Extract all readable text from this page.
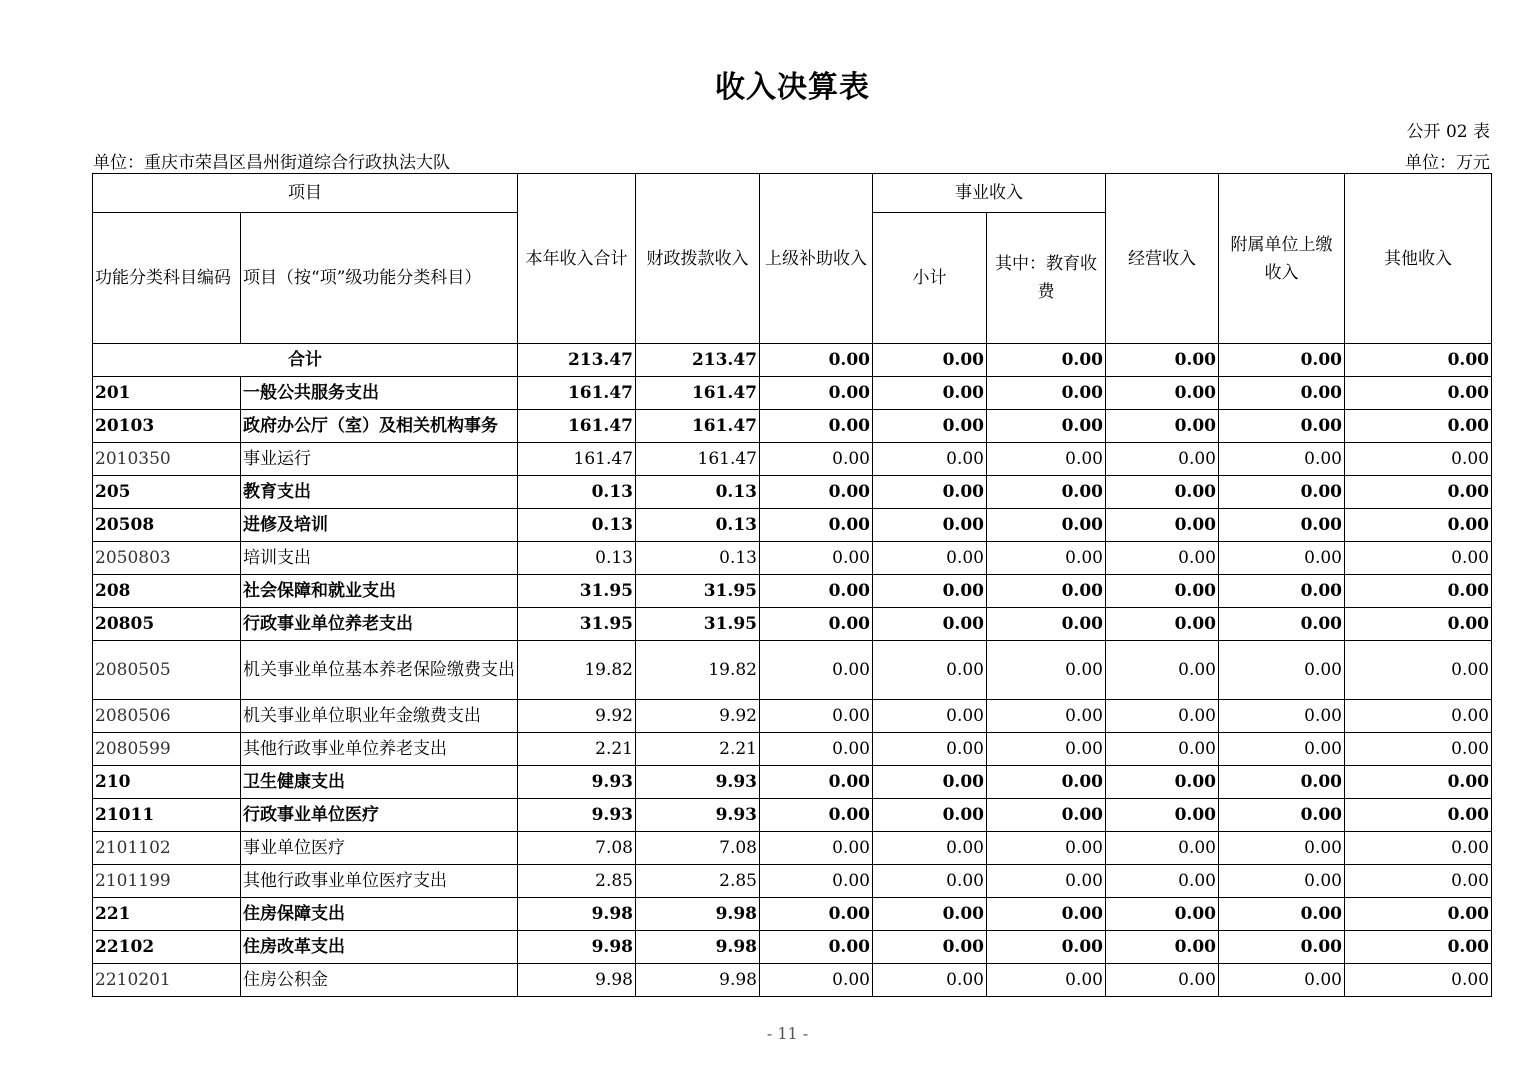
收入决算表
公开 02 表
单位：重庆市荣昌区昌州街道综合行政执法大队	单位：万元
项目		本年收入合计	财政拨款收入	上级补助收入	事业收入		经营收入	附属单位上缴收入	其他收入
功能分类科目编码	项目（按“项”级功能分类科目）				小计	其中：教育收费			
合计		213.47	213.47	0.00	0.00	0.00	0.00	0.00	0.00
201	一般公共服务支出	161.47	161.47	0.00	0.00	0.00	0.00	0.00	0.00
20103	政府办公厅（室）及相关机构事务	161.47	161.47	0.00	0.00	0.00	0.00	0.00	0.00
2010350	事业运行	161.47	161.47	0.00	0.00	0.00	0.00	0.00	0.00
205	教育支出	0.13	0.13	0.00	0.00	0.00	0.00	0.00	0.00
20508	进修及培训	0.13	0.13	0.00	0.00	0.00	0.00	0.00	0.00
2050803	培训支出	0.13	0.13	0.00	0.00	0.00	0.00	0.00	0.00
208	社会保障和就业支出	31.95	31.95	0.00	0.00	0.00	0.00	0.00	0.00
20805	行政事业单位养老支出	31.95	31.95	0.00	0.00	0.00	0.00	0.00	0.00
2080505	机关事业单位基本养老保险缴费支出	19.82	19.82	0.00	0.00	0.00	0.00	0.00	0.00
2080506	机关事业单位职业年金缴费支出	9.92	9.92	0.00	0.00	0.00	0.00	0.00	0.00
2080599	其他行政事业单位养老支出	2.21	2.21	0.00	0.00	0.00	0.00	0.00	0.00
210	卫生健康支出	9.93	9.93	0.00	0.00	0.00	0.00	0.00	0.00
21011	行政事业单位医疗	9.93	9.93	0.00	0.00	0.00	0.00	0.00	0.00
2101102	事业单位医疗	7.08	7.08	0.00	0.00	0.00	0.00	0.00	0.00
2101199	其他行政事业单位医疗支出	2.85	2.85	0.00	0.00	0.00	0.00	0.00	0.00
221	住房保障支出	9.98	9.98	0.00	0.00	0.00	0.00	0.00	0.00
22102	住房改革支出	9.98	9.98	0.00	0.00	0.00	0.00	0.00	0.00
2210201	住房公积金	9.98	9.98	0.00	0.00	0.00	0.00	0.00	0.00
- 11 -
